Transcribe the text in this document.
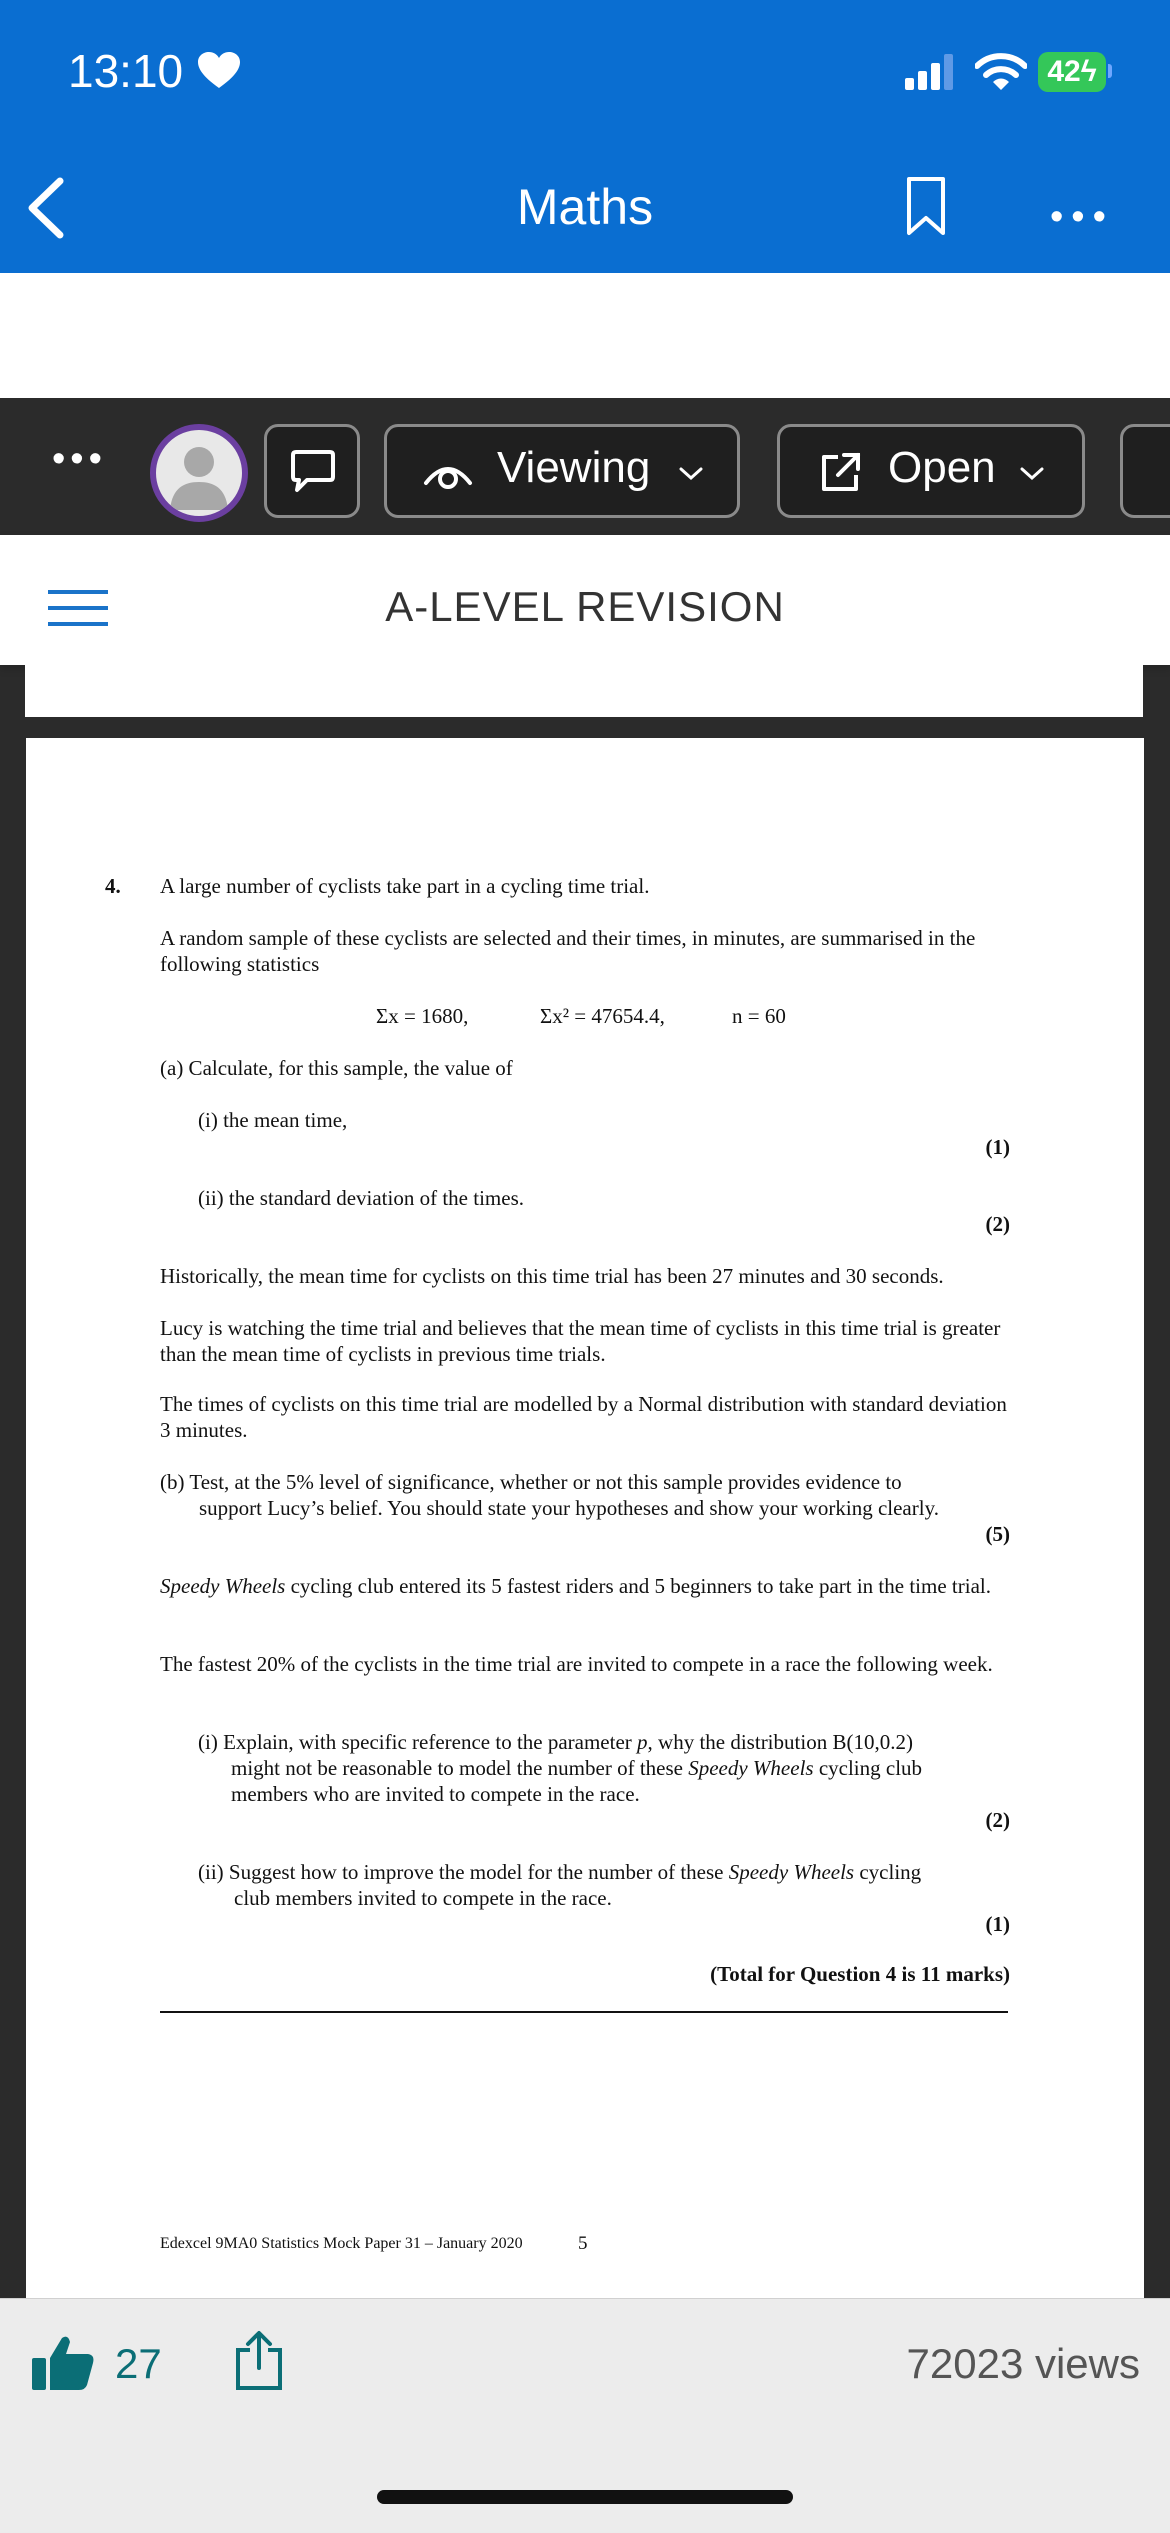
13:10	42ϟ
Maths	•••
•••	Viewing	Open
A-LEVEL REVISION
4. A large number of cyclists take part in a cycling time trial.
A random sample of these cyclists are selected and their times, in minutes, are summarised in the following statistics
Σx = 1680,	Σx² = 47654.4,	n = 60
(a) Calculate, for this sample, the value of
(i) the mean time,
(1)
(ii) the standard deviation of the times.
(2)
Historically, the mean time for cyclists on this time trial has been 27 minutes and 30 seconds.
Lucy is watching the time trial and believes that the mean time of cyclists in this time trial is greater than the mean time of cyclists in previous time trials.
The times of cyclists on this time trial are modelled by a Normal distribution with standard deviation 3 minutes.
(b) Test, at the 5% level of significance, whether or not this sample provides evidence to
support Lucy’s belief. You should state your hypotheses and show your working clearly.
(5)
Speedy Wheels cycling club entered its 5 fastest riders and 5 beginners to take part in the time trial.
The fastest 20% of the cyclists in the time trial are invited to compete in a race the following week.
(i) Explain, with specific reference to the parameter p, why the distribution B(10,0.2)
might not be reasonable to model the number of these Speedy Wheels cycling club
members who are invited to compete in the race.
(2)
(ii) Suggest how to improve the model for the number of these Speedy Wheels cycling
club members invited to compete in the race.
(1)
(Total for Question 4 is 11 marks)
Edexcel 9MA0 Statistics Mock Paper 31 – January 2020	5
27	72023 views
